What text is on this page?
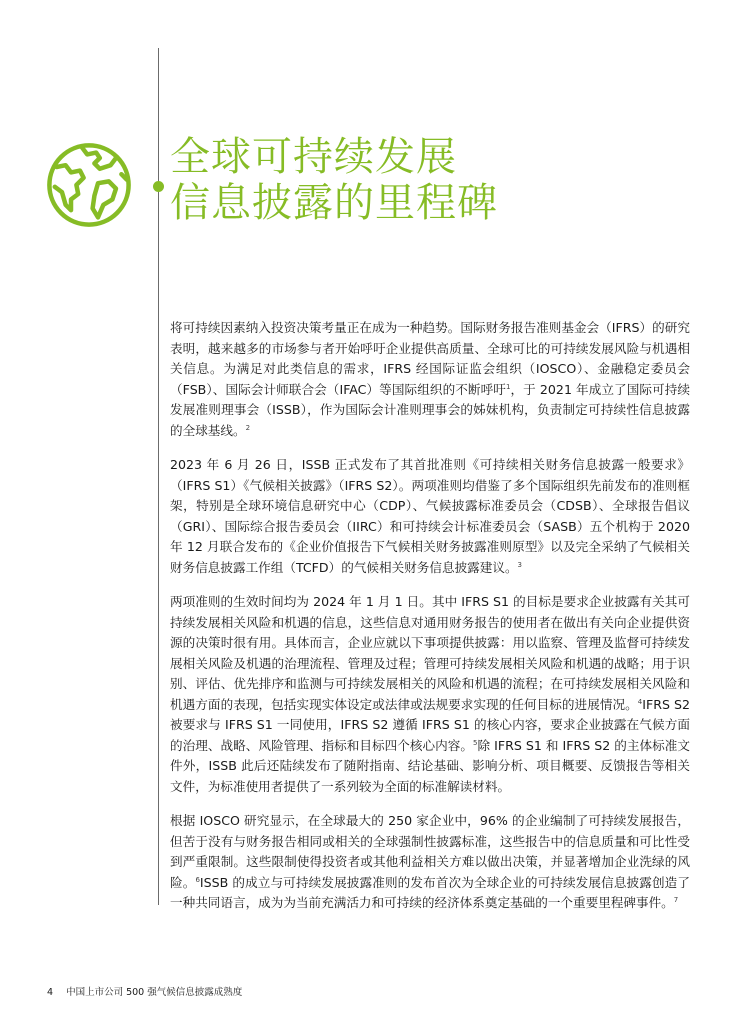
全球可持续发展
信息披露的里程碑

将可持续因素纳入投资决策考量正在成为一种趋势。国际财务报告准则基金会（IFRS）的研究表明，越来越多的市场参与者开始呼吁企业提供高质量、全球可比的可持续发展风险与机遇相关信息。为满足对此类信息的需求，IFRS 经国际证监会组织（IOSCO）、金融稳定委员会（FSB）、国际会计师联合会（IFAC）等国际组织的不断呼吁$^1$，于 2021 年成立了国际可持续发展准则理事会（ISSB），作为国际会计准则理事会的姊妹机构，负责制定可持续性信息披露的全球基线。$^2$

2023 年 6 月 26 日，ISSB 正式发布了其首批准则《可持续相关财务信息披露一般要求》（IFRS S1）《气候相关披露》（IFRS S2）。两项准则均借鉴了多个国际组织先前发布的准则框架，特别是全球环境信息研究中心（CDP）、气候披露标准委员会（CDSB）、全球报告倡议（GRI）、国际综合报告委员会（IIRC）和可持续会计标准委员会（SASB）五个机构于 2020 年 12 月联合发布的《企业价值报告下气候相关财务披露准则原型》以及完全采纳了气候相关财务信息披露工作组（TCFD）的气候相关财务信息披露建议。$^3$

两项准则的生效时间均为 2024 年 1 月 1 日。其中 IFRS S1 的目标是要求企业披露有关其可持续发展相关风险和机遇的信息，这些信息对通用财务报告的使用者在做出有关向企业提供资源的决策时很有用。具体而言，企业应就以下事项提供披露：用以监察、管理及监督可持续发展相关风险及机遇的治理流程、管理及过程；管理可持续发展相关风险和机遇的战略；用于识别、评估、优先排序和监测与可持续发展相关的风险和机遇的流程；在可持续发展相关风险和机遇方面的表现，包括实现实体设定或法律或法规要求实现的任何目标的进展情况。$^4$IFRS S2 被要求与 IFRS S1 一同使用，IFRS S2 遵循 IFRS S1 的核心内容，要求企业披露在气候方面的治理、战略、风险管理、指标和目标四个核心内容。$^5$除 IFRS S1 和 IFRS S2 的主体标准文件外，ISSB 此后还陆续发布了随附指南、结论基础、影响分析、项目概要、反馈报告等相关文件，为标准使用者提供了一系列较为全面的标准解读材料。

根据 IOSCO 研究显示，在全球最大的 250 家企业中，96% 的企业编制了可持续发展报告，但苦于没有与财务报告相同或相关的全球强制性披露标准，这些报告中的信息质量和可比性受到严重限制。这些限制使得投资者或其他利益相关方难以做出决策，并显著增加企业洗绿的风险。$^6$ISSB 的成立与可持续发展披露准则的发布首次为全球企业的可持续发展信息披露创造了一种共同语言，成为为当前充满活力和可持续的经济体系奠定基础的一个重要里程碑事件。$^7$

4 中国上市公司 500 强气候信息披露成熟度
